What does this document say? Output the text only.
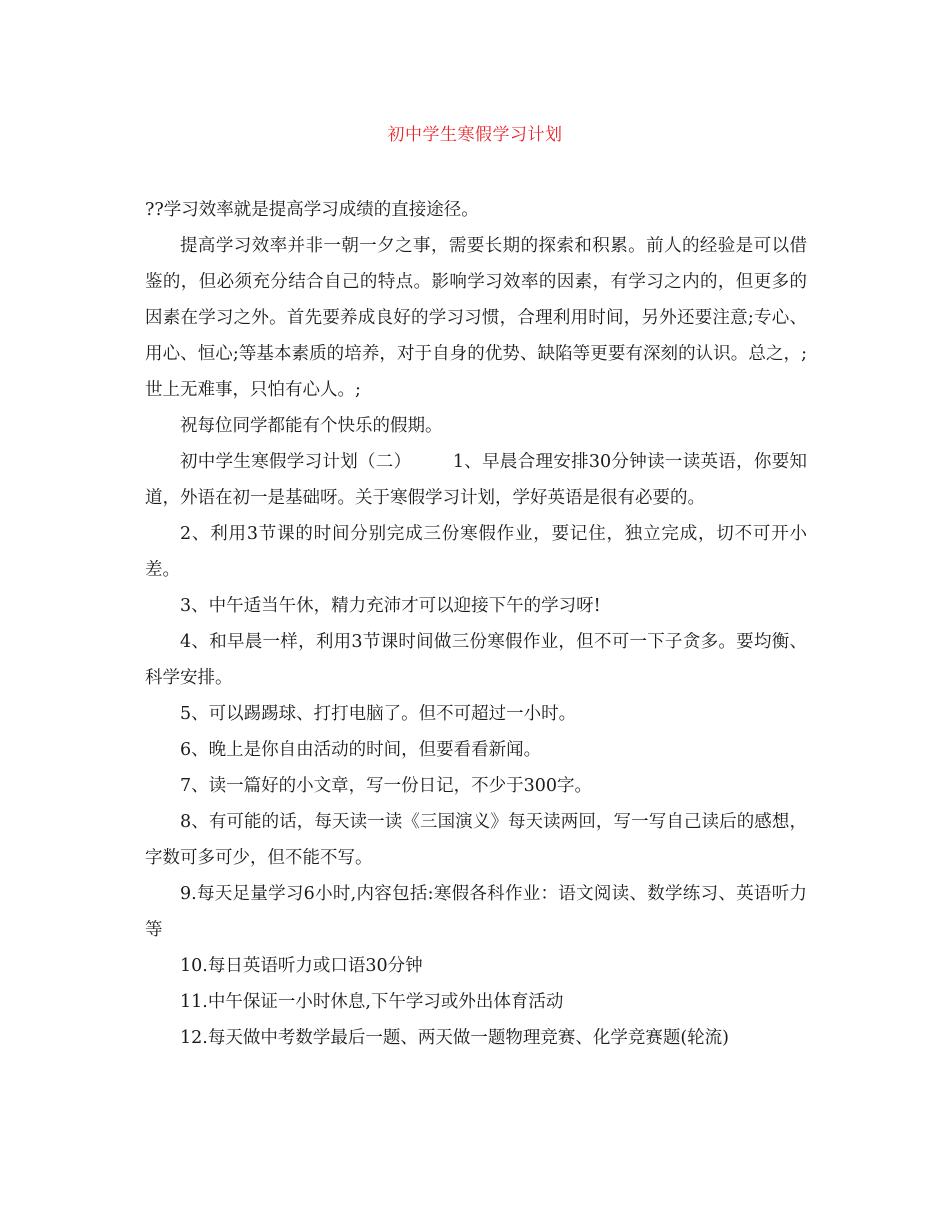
初中学生寒假学习计划

??学习效率就是提高学习成绩的直接途径。

提高学习效率并非一朝一夕之事，需要长期的探索和积累。前人的经验是可以借鉴的，但必须充分结合自己的特点。影响学习效率的因素，有学习之内的，但更多的因素在学习之外。首先要养成良好的学习习惯，合理利用时间，另外还要注意;专心、用心、恒心;等基本素质的培养，对于自身的优势、缺陷等更要有深刻的认识。总之，;世上无难事，只怕有心人。;

祝每位同学都能有个快乐的假期。

初中学生寒假学习计划（二） 　　1、早晨合理安排30分钟读一读英语，你要知道，外语在初一是基础呀。关于寒假学习计划，学好英语是很有必要的。

2、利用3节课的时间分别完成三份寒假作业，要记住，独立完成，切不可开小差。

3、中午适当午休，精力充沛才可以迎接下午的学习呀!

4、和早晨一样，利用3节课时间做三份寒假作业，但不可一下子贪多。要均衡、科学安排。

5、可以踢踢球、打打电脑了。但不可超过一小时。

6、晚上是你自由活动的时间，但要看看新闻。

7、读一篇好的小文章，写一份日记，不少于300字。

8、有可能的话，每天读一读《三国演义》每天读两回，写一写自己读后的感想，字数可多可少，但不能不写。

9.每天足量学习6小时,内容包括:寒假各科作业：语文阅读、数学练习、英语听力等

10.每日英语听力或口语30分钟

11.中午保证一小时休息,下午学习或外出体育活动

12.每天做中考数学最后一题、两天做一题物理竞赛、化学竞赛题(轮流)
